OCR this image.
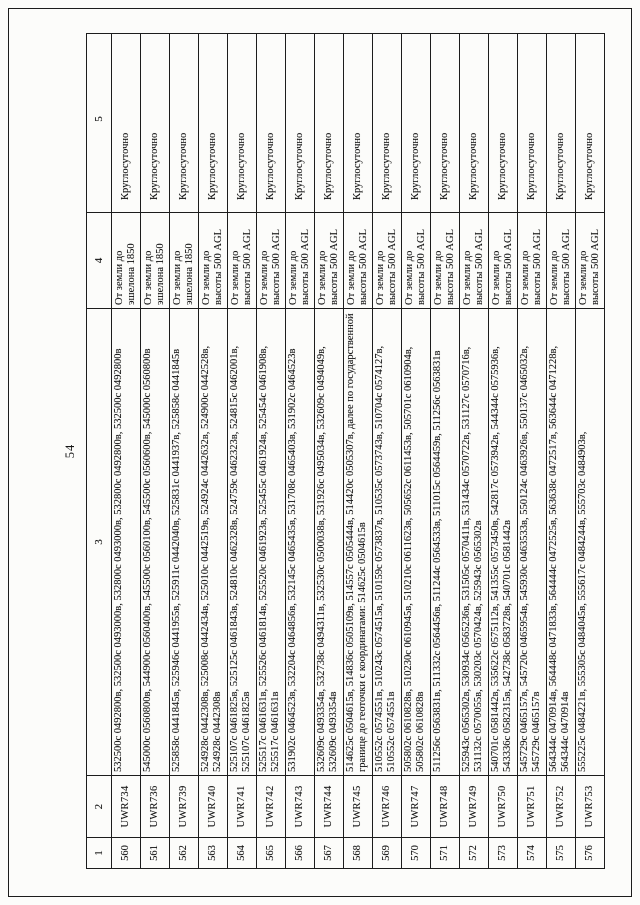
54
1
2
3
4
5
560
UWR734
532500с 0492800в, 532500с 0493000в, 532800с 0493000в, 532800с 0492800в, 532500с 0492800в
От земли до эшелона 1850
Круглосуточно
561
UWR736
545000с 0560800в, 544900с 0560400в, 545500с 0560100в, 545500с 0560600в, 545000с 0560800в
От земли до эшелона 1850
Круглосуточно
562
UWR739
525858с 0441845в, 525946с 0441955в, 525911с 0442040в, 525831с 0441937в, 525858с 0441845в
От земли до эшелона 1850
Круглосуточно
563
UWR740
524928с 0442308в, 525008с 0442434в, 525010с 0442519в, 524924с 0442632в, 524900с 0442528в, 524928с 0442308в
От земли до высоты 500 AGL
Круглосуточно
564
UWR741
525107с 0461825в, 525125с 0461843в, 524810с 0462328в, 524759с 0462323в, 524815с 0462001в, 525107с 0461825в
От земли до высоты 500 AGL
Круглосуточно
565
UWR742
525517с 0461631в, 525526с 0461814в, 525520с 0461923в, 525455с 0461924в, 525454с 0461908в, 525517с 0461631в
От земли до высоты 500 AGL
Круглосуточно
566
UWR743
531902с 0464523в, 532204с 0464856в, 532145с 0465435в, 531708с 0465403в, 531902с 0464523в
От земли до высоты 500 AGL
Круглосуточно
567
UWR744
532609с 0493354в, 532738с 0494311в, 532530с 0500038в, 531926с 0495034в, 532609с 0494049в, 532609с 0493354в
От земли до высоты 500 AGL
Круглосуточно
568
UWR745
514625с 0504615в, 514836с 0505109в, 514557с 0505444в, 514420с 0505307в, далее по государственной границе до геоточки с координатами: 514625с 0504615в
От земли до высоты 500 AGL
Круглосуточно
569
UWR746
510552с 0574551в, 510243с 0574515в, 510159с 0573837в, 510535с 0573743в, 510704с 0574127в, 510552с 0574551в
От земли до высоты 500 AGL
Круглосуточно
570
UWR747
505802с 0610828в, 510230с 0610945в, 510210с 0611623в, 505652с 0611453в, 505701с 0610904в, 505802с 0610828в
От земли до высоты 500 AGL
Круглосуточно
571
UWR748
511256с 0563831в, 511332с 0564456в, 511244с 0564533в, 511015с 0564459в, 511256с 0563831в
От земли до высоты 500 AGL
Круглосуточно
572
UWR749
525943с 0565302в, 530934с 0565236в, 531505с 0570411в, 531434с 0570722в, 531127с 0570716в, 531132с 0570055в, 530203с 0570424в, 525943с 0565302в
От земли до высоты 500 AGL
Круглосуточно
573
UWR750
540701с 0581442в, 535622с 0575112в, 541355с 0573450в, 542817с 0573942в, 544344с 0575936в, 543336с 0582315в, 542738с 0583728в, 540701с 0581442в
От земли до высоты 500 AGL
Круглосуточно
574
UWR751
545729с 0465157в, 545720с 0465954в, 545930с 0463533в, 550124с 0463926в, 550137с 0465032в, 545729с 0465157в
От земли до высоты 500 AGL
Круглосуточно
575
UWR752
564344с 0470914в, 564448с 0471833в, 564444с 0472525в, 563638с 0472517в, 563644с 0471228в, 564344с 0470914в
От земли до высоты 500 AGL
Круглосуточно
576
UWR753
555225с 0484221в, 555305с 0484045в, 555617с 0484244в, 555703с 0484903в,
От земли до высоты 500 AGL
Круглосуточно
